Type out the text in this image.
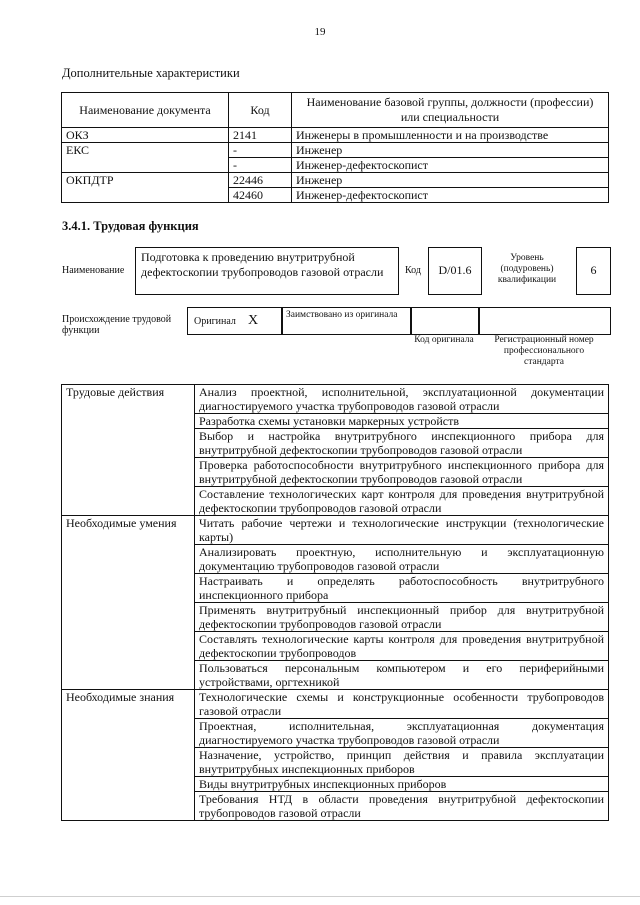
19
Дополнительные характеристики
Наименование документа	Код	Наименование базовой группы, должности (профессии) или специальности
ОКЗ	2141	Инженеры в промышленности и на производстве
ЕКС	-	Инженер
	-	Инженер-дефектоскопист
ОКПДТР	22446	Инженер
	42460	Инженер-дефектоскопист
3.4.1. Трудовая функция
Наименование
Подготовка к проведению внутритрубной дефектоскопии трубопроводов газовой отрасли	Код	D/01.6
Уровень (подуровень) квалификации
6
Происхождение трудовой функции
Оригинал X	Заимствовано из оригинала
Код оригинала	Регистрационный номер профессионального стандарта
Трудовые действия	Анализ проектной, исполнительной, эксплуатационной документации диагностируемого участка трубопроводов газовой отрасли
	Разработка схемы установки маркерных устройств
	Выбор и настройка внутритрубного инспекционного прибора для внутритрубной дефектоскопии трубопроводов газовой отрасли
	Проверка работоспособности внутритрубного инспекционного прибора для внутритрубной дефектоскопии трубопроводов газовой отрасли
	Составление технологических карт контроля для проведения внутритрубной дефектоскопии трубопроводов газовой отрасли
Необходимые умения	Читать рабочие чертежи и технологические инструкции (технологические карты)
	Анализировать проектную, исполнительную и эксплуатационную документацию трубопроводов газовой отрасли
	Настраивать и определять работоспособность внутритрубного инспекционного прибора
	Применять внутритрубный инспекционный прибор для внутритрубной дефектоскопии трубопроводов газовой отрасли
	Составлять технологические карты контроля для проведения внутритрубной дефектоскопии трубопроводов
	Пользоваться персональным компьютером и его периферийными устройствами, оргтехникой
Необходимые знания	Технологические схемы и конструкционные особенности трубопроводов газовой отрасли
	Проектная, исполнительная, эксплуатационная документация диагностируемого участка трубопроводов газовой отрасли
	Назначение, устройство, принцип действия и правила эксплуатации внутритрубных инспекционных приборов
	Виды внутритрубных инспекционных приборов
	Требования НТД в области проведения внутритрубной дефектоскопии трубопроводов газовой отрасли
